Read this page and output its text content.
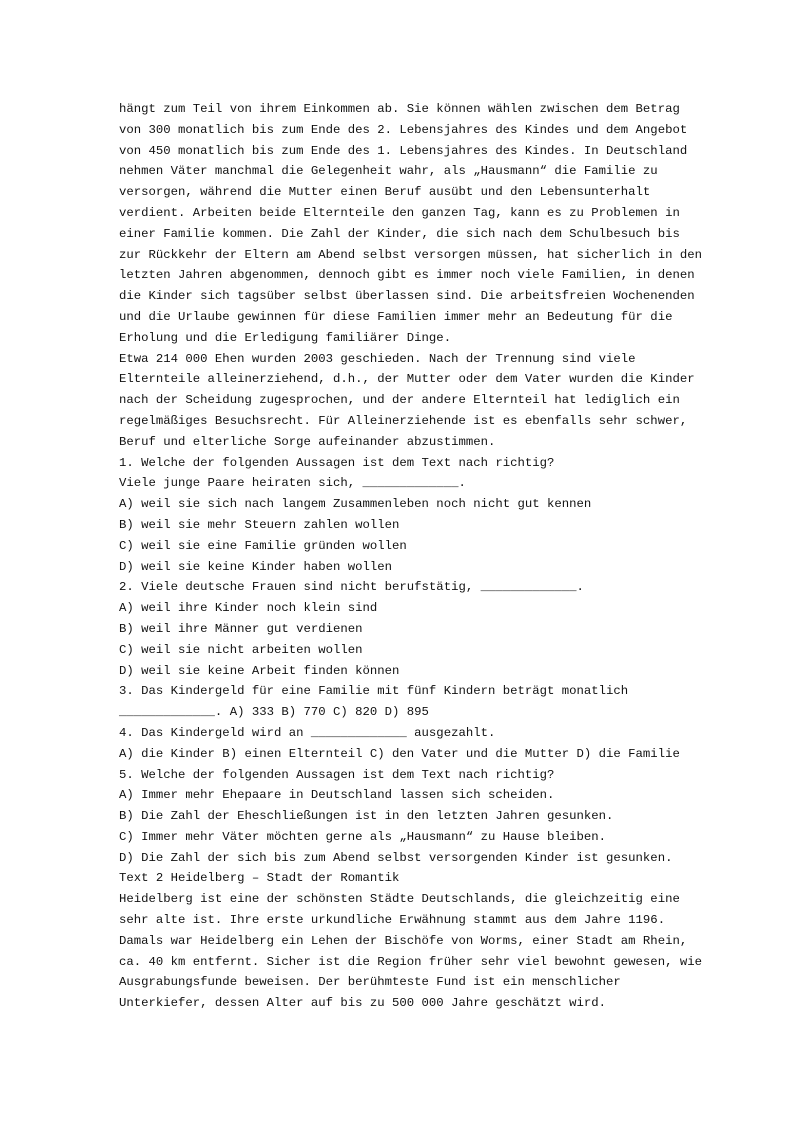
hängt zum Teil von ihrem Einkommen ab. Sie können wählen zwischen dem Betrag
von 300 monatlich bis zum Ende des 2. Lebensjahres des Kindes und dem Angebot
von 450 monatlich bis zum Ende des 1. Lebensjahres des Kindes. In Deutschland
nehmen Väter manchmal die Gelegenheit wahr, als „Hausmann“ die Familie zu
versorgen, während die Mutter einen Beruf ausübt und den Lebensunterhalt
verdient. Arbeiten beide Elternteile den ganzen Tag, kann es zu Problemen in
einer Familie kommen. Die Zahl der Kinder, die sich nach dem Schulbesuch bis
zur Rückkehr der Eltern am Abend selbst versorgen müssen, hat sicherlich in den
letzten Jahren abgenommen, dennoch gibt es immer noch viele Familien, in denen
die Kinder sich tagsüber selbst überlassen sind. Die arbeitsfreien Wochenenden
und die Urlaube gewinnen für diese Familien immer mehr an Bedeutung für die
Erholung und die Erledigung familiärer Dinge.
Etwa 214 000 Ehen wurden 2003 geschieden. Nach der Trennung sind viele
Elternteile alleinerziehend, d.h., der Mutter oder dem Vater wurden die Kinder
nach der Scheidung zugesprochen, und der andere Elternteil hat lediglich ein
regelmäßiges Besuchsrecht. Für Alleinerziehende ist es ebenfalls sehr schwer,
Beruf und elterliche Sorge aufeinander abzustimmen.
1. Welche der folgenden Aussagen ist dem Text nach richtig?
Viele junge Paare heiraten sich, _____________.
A) weil sie sich nach langem Zusammenleben noch nicht gut kennen
B) weil sie mehr Steuern zahlen wollen
C) weil sie eine Familie gründen wollen
D) weil sie keine Kinder haben wollen
2. Viele deutsche Frauen sind nicht berufstätig, _____________.
A) weil ihre Kinder noch klein sind
B) weil ihre Männer gut verdienen
C) weil sie nicht arbeiten wollen
D) weil sie keine Arbeit finden können
3. Das Kindergeld für eine Familie mit fünf Kindern beträgt monatlich
_____________. A) 333 B) 770 C) 820 D) 895
4. Das Kindergeld wird an _____________ ausgezahlt.
A) die Kinder B) einen Elternteil C) den Vater und die Mutter D) die Familie
5. Welche der folgenden Aussagen ist dem Text nach richtig?
A) Immer mehr Ehepaare in Deutschland lassen sich scheiden.
B) Die Zahl der Eheschließungen ist in den letzten Jahren gesunken.
C) Immer mehr Väter möchten gerne als „Hausmann“ zu Hause bleiben.
D) Die Zahl der sich bis zum Abend selbst versorgenden Kinder ist gesunken.
Text 2 Heidelberg – Stadt der Romantik
Heidelberg ist eine der schönsten Städte Deutschlands, die gleichzeitig eine
sehr alte ist. Ihre erste urkundliche Erwähnung stammt aus dem Jahre 1196.
Damals war Heidelberg ein Lehen der Bischöfe von Worms, einer Stadt am Rhein,
ca. 40 km entfernt. Sicher ist die Region früher sehr viel bewohnt gewesen, wie
Ausgrabungsfunde beweisen. Der berühmteste Fund ist ein menschlicher
Unterkiefer, dessen Alter auf bis zu 500 000 Jahre geschätzt wird.
